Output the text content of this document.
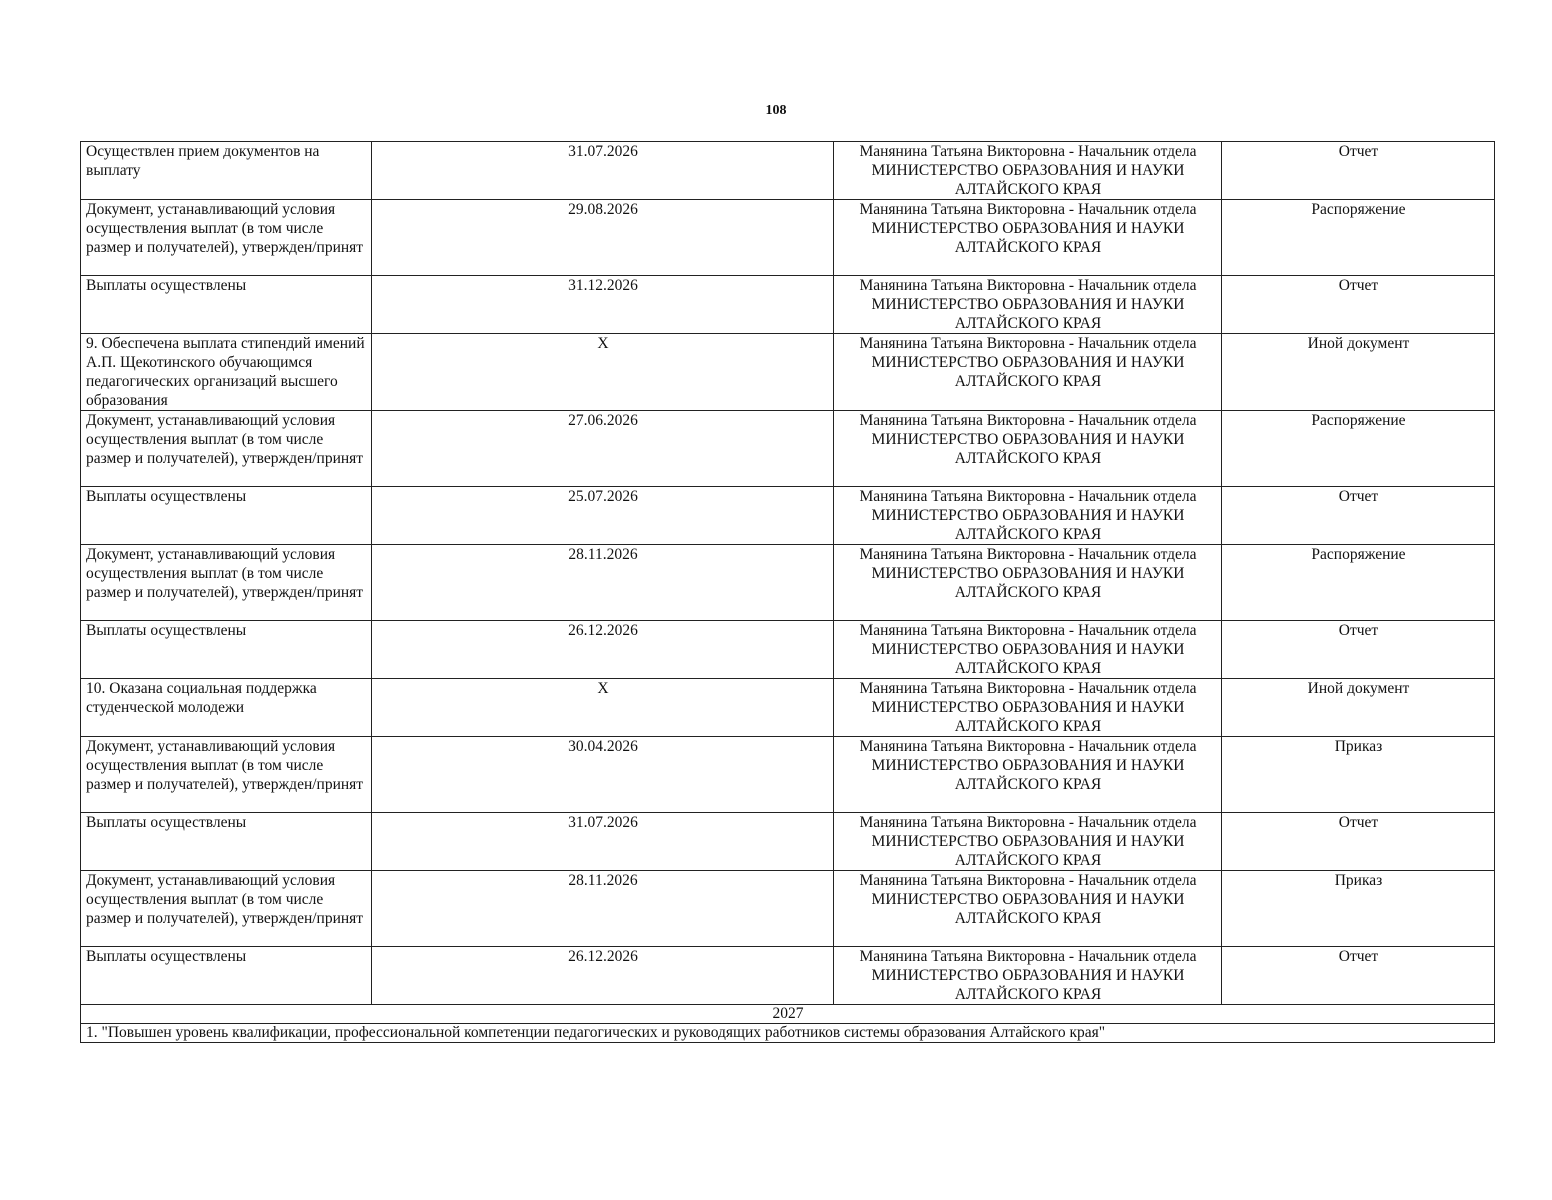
108
Осуществлен прием документов на выплату	31.07.2026	Манянина Татьяна Викторовна - Начальник отдела
МИНИСТЕРСТВО ОБРАЗОВАНИЯ И НАУКИ
АЛТАЙСКОГО КРАЯ	Отчет
Документ, устанавливающий условия осуществления выплат (в том числе размер и получателей), утвержден/принят	29.08.2026	Манянина Татьяна Викторовна - Начальник отдела
МИНИСТЕРСТВО ОБРАЗОВАНИЯ И НАУКИ
АЛТАЙСКОГО КРАЯ	Распоряжение
Выплаты осуществлены	31.12.2026	Манянина Татьяна Викторовна - Начальник отдела
МИНИСТЕРСТВО ОБРАЗОВАНИЯ И НАУКИ
АЛТАЙСКОГО КРАЯ	Отчет
9. Обеспечена выплата стипендий имений А.П. Щекотинского обучающимся педагогических организаций высшего образования	X	Манянина Татьяна Викторовна - Начальник отдела
МИНИСТЕРСТВО ОБРАЗОВАНИЯ И НАУКИ
АЛТАЙСКОГО КРАЯ	Иной документ
Документ, устанавливающий условия осуществления выплат (в том числе размер и получателей), утвержден/принят	27.06.2026	Манянина Татьяна Викторовна - Начальник отдела
МИНИСТЕРСТВО ОБРАЗОВАНИЯ И НАУКИ
АЛТАЙСКОГО КРАЯ	Распоряжение
Выплаты осуществлены	25.07.2026	Манянина Татьяна Викторовна - Начальник отдела
МИНИСТЕРСТВО ОБРАЗОВАНИЯ И НАУКИ
АЛТАЙСКОГО КРАЯ	Отчет
Документ, устанавливающий условия осуществления выплат (в том числе размер и получателей), утвержден/принят	28.11.2026	Манянина Татьяна Викторовна - Начальник отдела
МИНИСТЕРСТВО ОБРАЗОВАНИЯ И НАУКИ
АЛТАЙСКОГО КРАЯ	Распоряжение
Выплаты осуществлены	26.12.2026	Манянина Татьяна Викторовна - Начальник отдела
МИНИСТЕРСТВО ОБРАЗОВАНИЯ И НАУКИ
АЛТАЙСКОГО КРАЯ	Отчет
10. Оказана социальная поддержка студенческой молодежи	X	Манянина Татьяна Викторовна - Начальник отдела
МИНИСТЕРСТВО ОБРАЗОВАНИЯ И НАУКИ
АЛТАЙСКОГО КРАЯ	Иной документ
Документ, устанавливающий условия осуществления выплат (в том числе размер и получателей), утвержден/принят	30.04.2026	Манянина Татьяна Викторовна - Начальник отдела
МИНИСТЕРСТВО ОБРАЗОВАНИЯ И НАУКИ
АЛТАЙСКОГО КРАЯ	Приказ
Выплаты осуществлены	31.07.2026	Манянина Татьяна Викторовна - Начальник отдела
МИНИСТЕРСТВО ОБРАЗОВАНИЯ И НАУКИ
АЛТАЙСКОГО КРАЯ	Отчет
Документ, устанавливающий условия осуществления выплат (в том числе размер и получателей), утвержден/принят	28.11.2026	Манянина Татьяна Викторовна - Начальник отдела
МИНИСТЕРСТВО ОБРАЗОВАНИЯ И НАУКИ
АЛТАЙСКОГО КРАЯ	Приказ
Выплаты осуществлены	26.12.2026	Манянина Татьяна Викторовна - Начальник отдела
МИНИСТЕРСТВО ОБРАЗОВАНИЯ И НАУКИ
АЛТАЙСКОГО КРАЯ	Отчет
2027			
1. "Повышен уровень квалификации, профессиональной компетенции педагогических и руководящих работников системы образования Алтайского края"			
